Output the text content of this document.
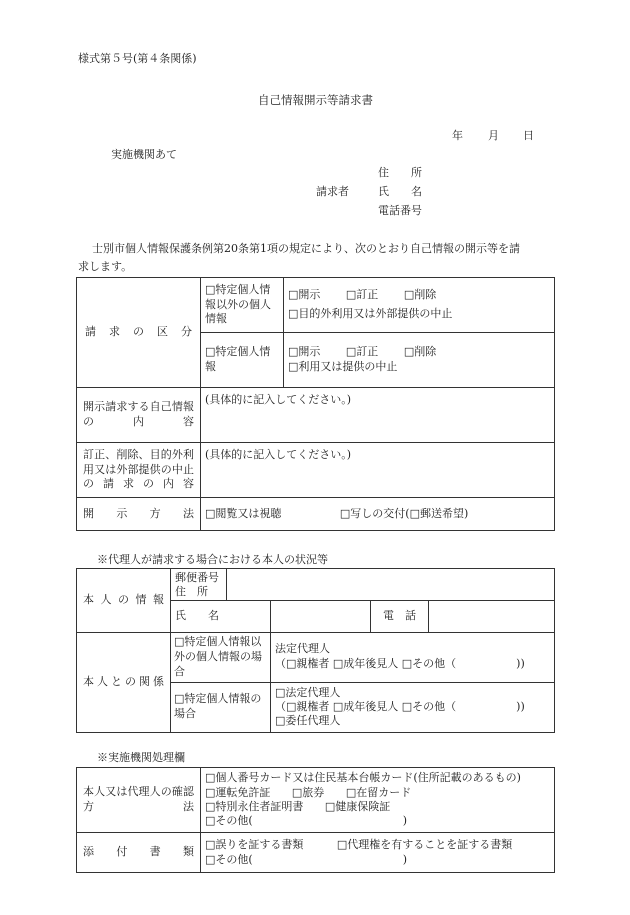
様式第５号(第４条関係)
自己情報開示等請求書
年 月 日
実施機関あて
住　　所
請求者	氏　　名
電話番号
士別市個人情報保護条例第20条第1項の規定により、次のとおり自己情報の開示等を請
求します。
請求の区分	□特定個人情報以外の個人情報	□開示 □訂正 □削除
□目的外利用又は外部提供の中止

	□特定個人情報	□開示 □訂正 □削除
□利用又は提供の中止

開示請求する自己情報の内容	(具体的に記入してください。)	

訂正、削除、目的外利用又は外部提供の中止の請求の内容	(具体的に記入してください。)	

開示方法	□閲覧又は視聴 □写しの交付(□郵送希望)	
※代理人が請求する場合における本人の状況等
本人の情報	郵便番号
住　所				

	氏　　名			電　話	

本人との関係	□特定個人情報以外の個人情報の場合		法定代理人
（□親権者 □成年後見人 □その他（ ))		

	□特定個人情報の場合		□法定代理人
（□親権者 □成年後見人 □その他（ ))
□委任代理人		
※実施機関処理欄
本人又は代理人の確認方法	□個人番号カード又は住民基本台帳カード(住所記載のあるもの)
□運転免許証 □旅券 □在留カード
□特別永住者証明書 □健康保険証
□その他( )

添付書類	□誤りを証する書類 □代理権を有することを証する書類
□その他( )
